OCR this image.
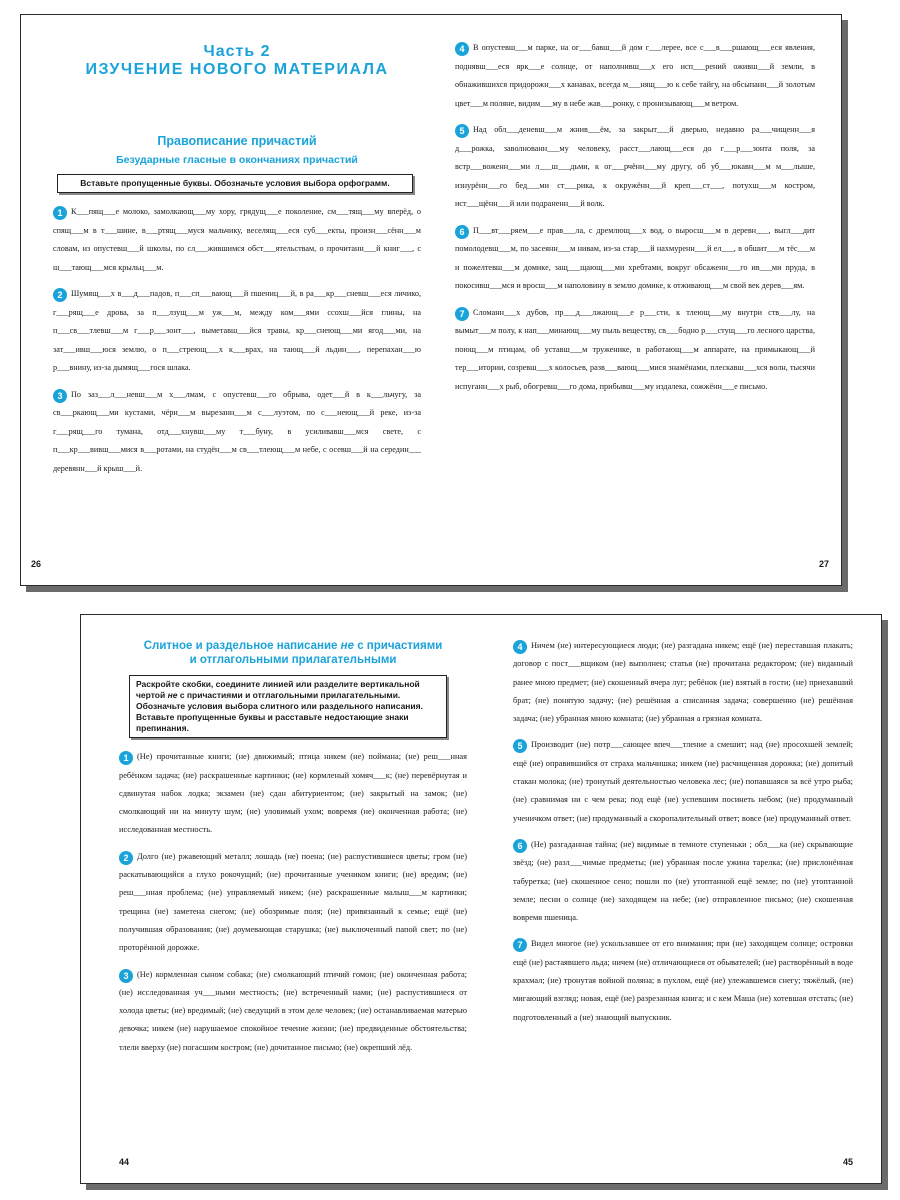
Часть 2
ИЗУЧЕНИЕ НОВОГО МАТЕРИАЛА
Правописание причастий
Безударные гласные в окончаниях причастий
Вставьте пропущенные буквы. Обозначьте условия выбора орфограмм.
1 К___пящ___е молоко, замолкающ___му хору, грядущ___е поколение, см___тящ___му вперёд, о спящ___м в т___шине, в___ртящ___муся мальчику, веселящ___еся суб___екты, произн___сённ___м словам, из опустевш___й школы, по сл___жившимся обст___ятельствам, о прочитанн___й книг___, с ш___тающ___мся крыльц___м.
2 Шумящ___х в___д___падов, п___сп___вающ___й пшениц___й, в ра___кр___сневш___еся личико, г___рящ___е дрова, за п___лзущ___м уж___м, между ком___ями ссохш___йся глины, на п___св___тлевш___м г___р___зонт___, выметавш___йся травы, кр___снеющ___ми ягод___ми, на зат___ивш___юся землю, о п___стреющ___х к___врах, на тающ___й льдин___, перепахан___ю р___внину, из-за дымящ___гося шлака.
3 По заз___л___невш___м х___лмам, с опустевш___го обрыва, одет___й в к___льчугу, за св___ркающ___ми кустами, чёрн___м вырезанн___м с___луэтом, по с___неющ___й реке, из-за г___рящ___го тумана, отд___хнувш___му т___буну, в усиливавш___мся свете, с п___кр___вивш___мися в___ротами, на студён___м св___тлеющ___м небе, с осевш___й на середин___ деревянн___й крыш___й.
26
4 В опустевш___м парке, на ог___бавш___й дом г___лерее, все с___в___ршающ___еся явления, поднявш___еся ярк___е солнце, от наполнивш___х его исп___рений оживш___й земли, в обнажившихся придорожн___х канавах, всегда м___нящ___ю к себе тайгу, на обсыпанн___й золотым цвет___м поляне, видим___му в небе жав___ронку, с пронизывающ___м ветром.
5 Над обл___деневш___м жнив___ём, за закрыт___й дверью, недавно ра___чищенн___я д___рожка, заволнованн___му человеку, расст___лающ___еся до г___р___зонта поля, за встр___воженн___ми л___ш___дьми, к ог___рчённ___му другу, об уб___юкавн___м м___лыше, изнурённ___го бед___ми ст___рика, к окружённ___й креп___ст___, потухш___м костром, ист___щённ___й или подраненн___й волк.
6 П___вт___ряем___е прав___ла, с дремлющ___х вод, о выросш___м в деревн___, выгл___дит помолодевш___м, по засеянн___м нивам, из-за стар___й нахмуренн___й ел___, в обшит___м тёс___м и пожелтевш___м домике, защ___щающ___ми хребтами, вокруг обсаженн___го ив___ми пруда, в покосивш___мся и вросш___м наполовину в землю домике, к отживающ___м свой век дерев___ям.
7 Сломанн___х дубов, пр___д___лжающ___е р___сти, к тлеющ___му внутри ств___лу, на вымыт___м полу, к нап___минающ___му пыль веществу, св___бодно р___стущ___го лесного царства, поющ___м птицам, об уставш___м труженике, в работающ___м аппарате, на примыкающ___й тер___итории, созревш___х колосьев, разв___вающ___мися знамёнами, плескавш___хся волн, тысячи испуганн___х рыб, обогревш___го дома, прибывш___му издалека, сожжённ___е письмо.
27
Слитное и раздельное написание не с причастиями
и отглагольными прилагательными
Раскройте скобки, соедините линией или разделите вертикальной чертой не с причастиями и отглагольными прилагательными. Обозначьте условия выбора слитного или раздельного написания. Вставьте пропущенные буквы и расставьте недостающие знаки препинания.
1 (Не) прочитанные книги; (не) движимый; птица никем (не) поймана; (не) реш___нная ребёнком задача; (не) раскрашенные картинки; (не) кормленый хомяч___к; (не) перевёрнутая и сдвинутая набок лодка; экзамен (не) сдан абитуриентом; (не) закрытый на замок; (не) смолкающий ни на минуту шум; (не) уловимый ухом; вовремя (не) оконченная работа; (не) исследованная местность.
2 Долго (не) ржавеющий металл; лошадь (не) поена; (не) распустившиеся цветы; гром (не) раскатывающийся а глухо рокочущий; (не) прочитанные учеником книги; (не) вредим; (не) реш___нная проблема; (не) управляемый никем; (не) раскрашенные малыш___м картинки; трещина (не) заметена снегом; (не) обозримые поля; (не) привязанный к семье; ещё (не) получившая образования; (не) доумевающая старушка; (не) выключенный папой свет; по (не) проторённой дорожке.
3 (Не) кормленная сыном собака; (не) смолкающий птичий гомон; (не) оконченная работа; (не) исследованная уч___ными местность; (не) встреченный нами; (не) распустившиеся от холода цветы; (не) вредимый; (не) сведущий в этом деле человек; (не) останавливаемая матерью девочка; никем (не) нарушаемое спокойное течение жизни; (не) предвиденные обстоятельства; тлели вверху (не) погасшим костром; (не) дочитанное письмо; (не) окрепший лёд.
44
4 Ничем (не) интересующиеся люди; (не) разгадана никем; ещё (не) переставшая плакать; договор с пост___вщиком (не) выполнен; статья (не) прочитана редактором; (не) виданный ранее мною предмет; (не) скошенный вчера луг; ребёнок (не) взятый в гости; (не) приехавший брат; (не) понятую задачу; (не) решённая а списанная задача; совершенно (не) решённая задача; (не) убранная мною комната; (не) убранная а грязная комната.
5 Производит (не) потр___сающее впеч___тление а смешит; над (не) просохшей землей; ещё (не) оправившийся от страха мальчишка; никем (не) расчищенная дорожка; (не) допитый стакан молока; (не) тронутый деятельностью человека лес; (не) попавшаяся за всё утро рыба; (не) сравнимая ни с чем река; под ещё (не) успевшим посинеть небом; (не) продуманный ученичком ответ; (не) продуманный а скоропалительный ответ; вовсе (не) продуманный ответ.
6 (Не) разгаданная тайна; (не) видимые в темноте ступеньки ; обл___ка (не) скрывающие звёзд; (не) разл___чимые предметы; (не) убранная после ужина тарелка; (не) прислонённая табуретка; (не) скошенное сено; пошли по (не) утоптанной ещё земле; по (не) утоптанной земле; песни о солнце (не) заходящем на небе; (не) отправленное письмо; (не) скошенная вовремя пшеница.
7 Видел многое (не) ускользавшее от его внимания; при (не) заходящем солнце; островки ещё (не) растаявшего льда; ничем (не) отличающиеся от обывателей; (не) растворённый в воде крахмал; (не) тронутая войной поляна; в пухлом, ещё (не) улежавшемся снегу; тяжёлый, (не) мигающий взгляд; новая, ещё (не) разрезанная книга; и с кем Маша (не) хотевшая отстать; (не) подготовленный а (не) знающий выпускник.
45
